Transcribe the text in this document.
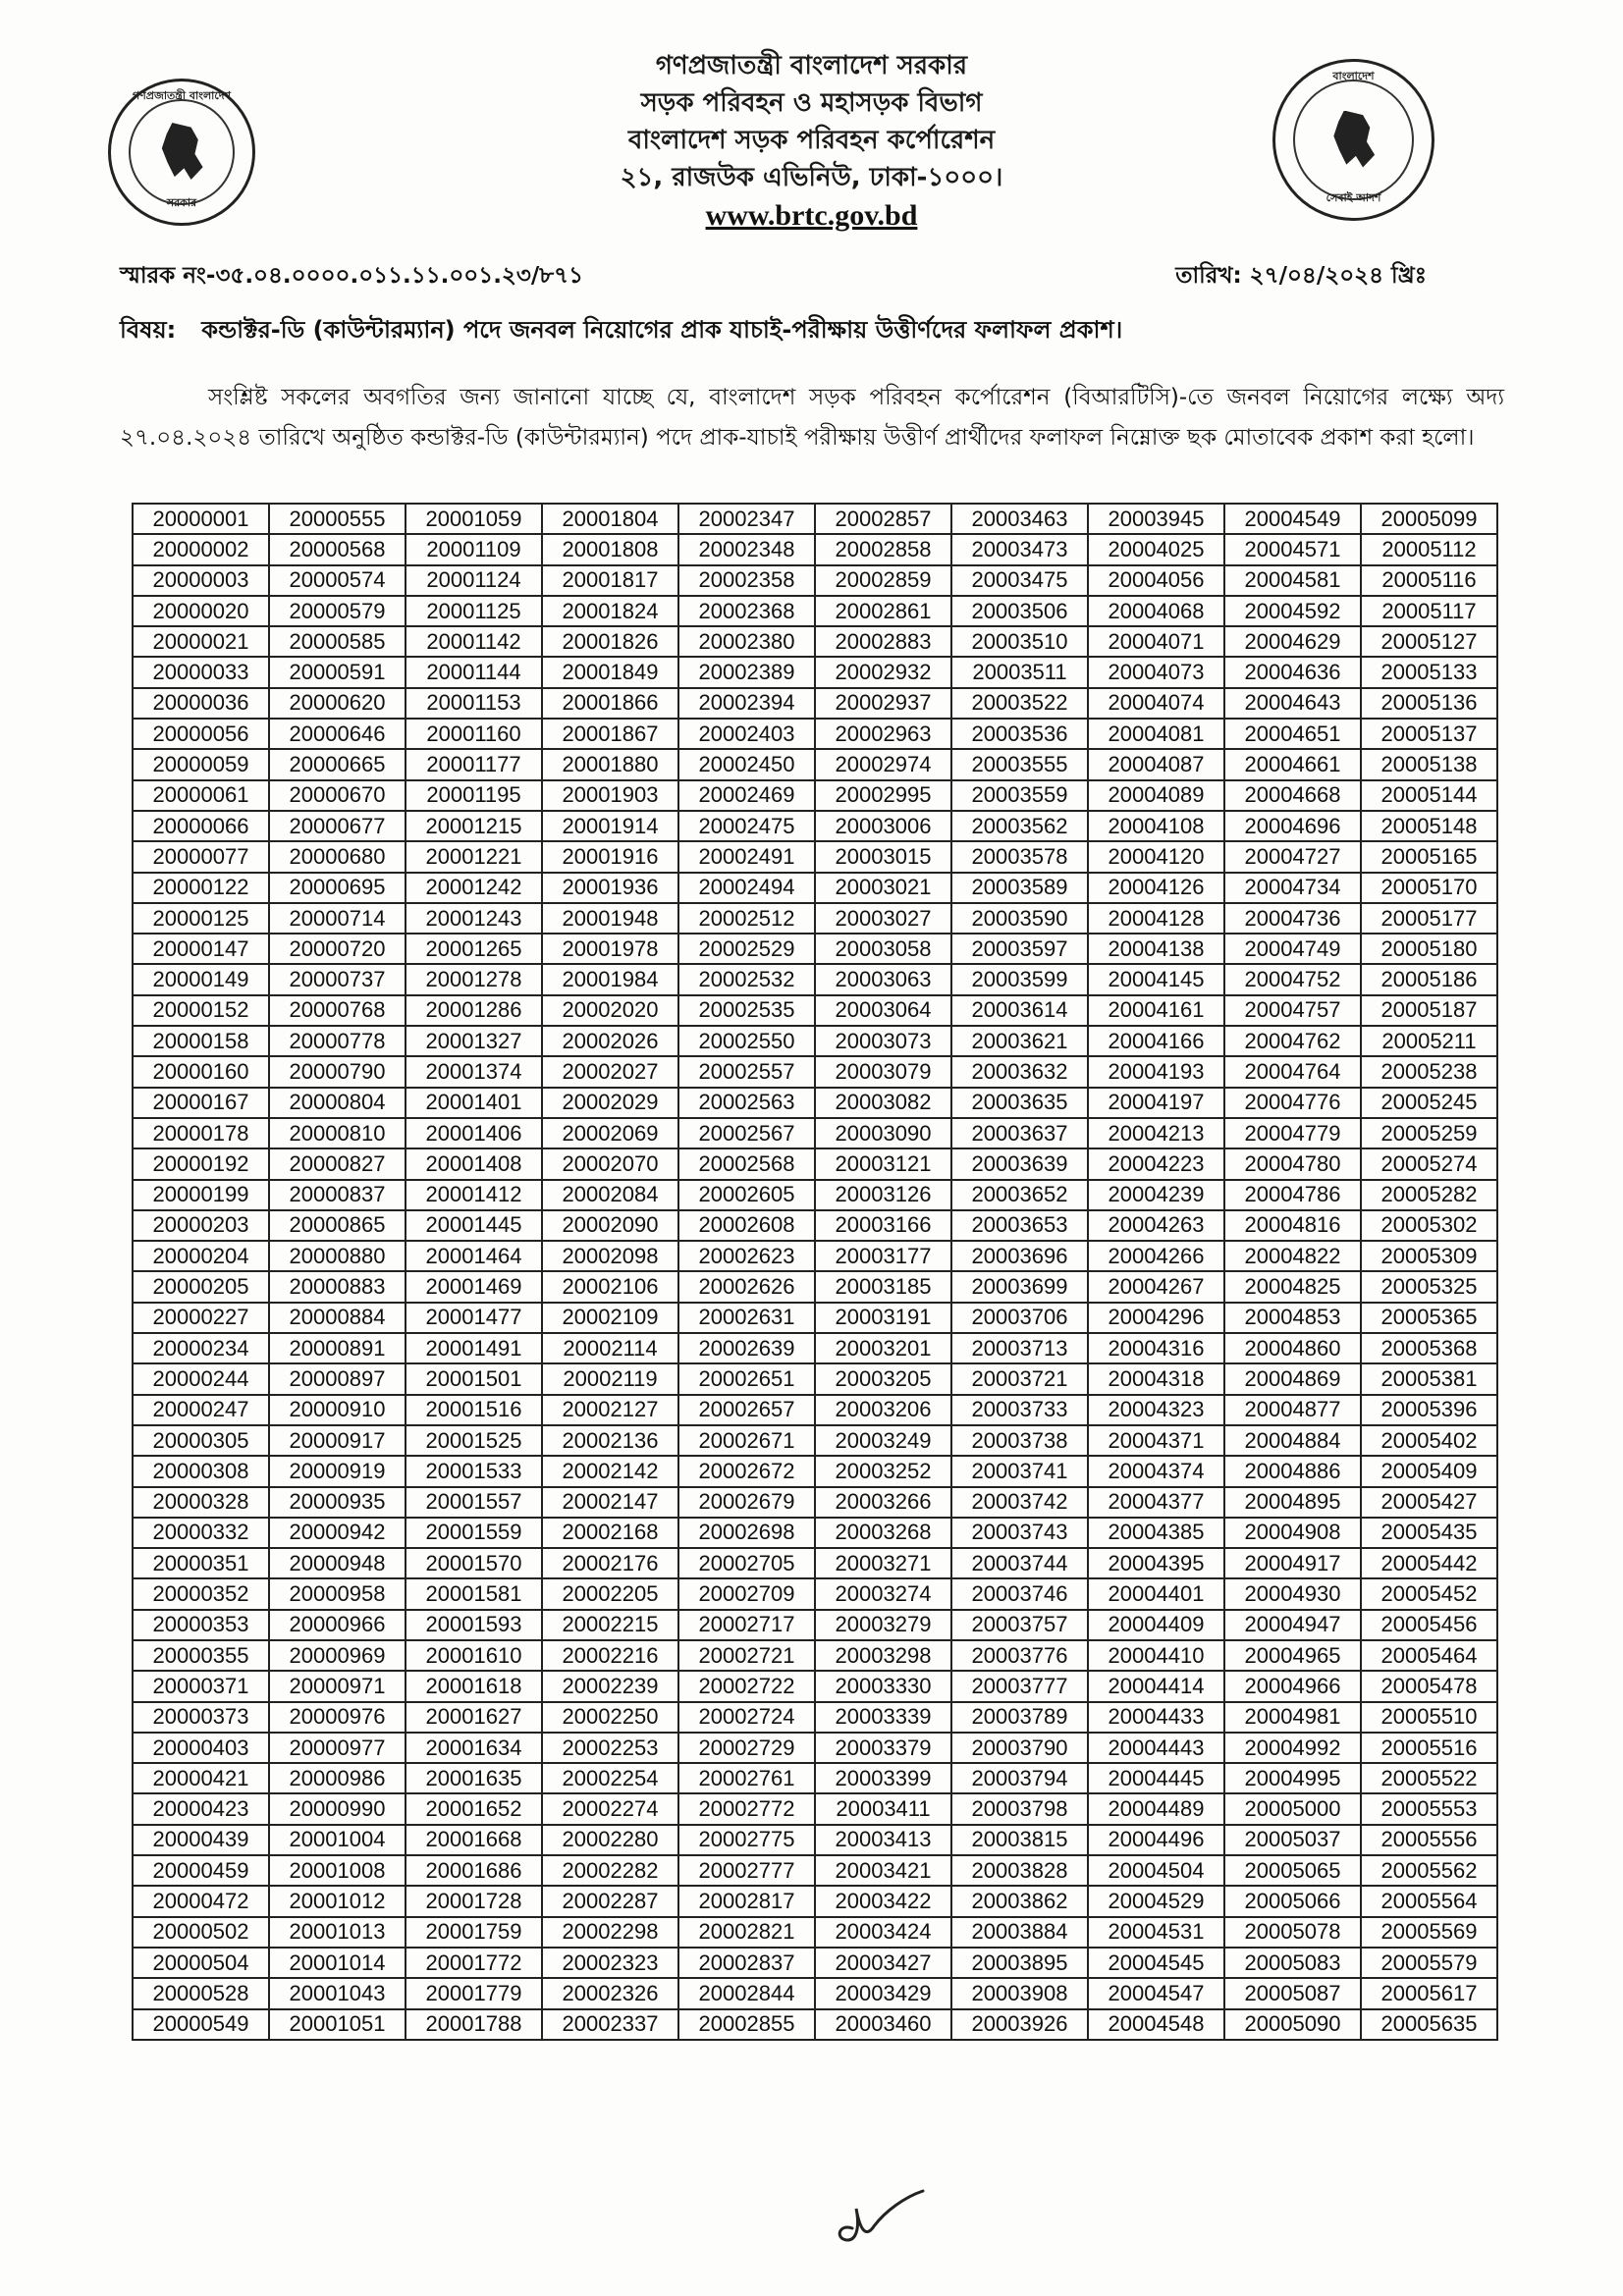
গণপ্রজাতন্ত্রী বাংলাদেশ
সরকার
বাংলাদেশ
সেবাই আদর্শ
গণপ্রজাতন্ত্রী বাংলাদেশ সরকার
সড়ক পরিবহন ও মহাসড়ক বিভাগ
বাংলাদেশ সড়ক পরিবহন কর্পোরেশন
২১, রাজউক এভিনিউ, ঢাকা-১০০০।
www.brtc.gov.bd
স্মারক নং-৩৫.০৪.০০০০.০১১.১১.০০১.২৩/৮৭১	তারিখ: ২৭/০৪/২০২৪ খ্রিঃ
বিষয়: কন্ডাক্টর-ডি (কাউন্টারম্যান) পদে জনবল নিয়োগের প্রাক যাচাই-পরীক্ষায় উত্তীর্ণদের ফলাফল প্রকাশ।
সংশ্লিষ্ট সকলের অবগতির জন্য জানানো যাচ্ছে যে, বাংলাদেশ সড়ক পরিবহন কর্পোরেশন (বিআরটিসি)-তে জনবল নিয়োগের লক্ষ্যে অদ্য ২৭.০৪.২০২৪ তারিখে অনুষ্ঠিত কন্ডাক্টর-ডি (কাউন্টারম্যান) পদে প্রাক-যাচাই পরীক্ষায় উত্তীর্ণ প্রার্থীদের ফলাফল নিম্নোক্ত ছক মোতাবেক প্রকাশ করা হলো।
20000001	20000555	20001059	20001804	20002347	20002857	20003463	20003945	20004549	20005099
20000002	20000568	20001109	20001808	20002348	20002858	20003473	20004025	20004571	20005112
20000003	20000574	20001124	20001817	20002358	20002859	20003475	20004056	20004581	20005116
20000020	20000579	20001125	20001824	20002368	20002861	20003506	20004068	20004592	20005117
20000021	20000585	20001142	20001826	20002380	20002883	20003510	20004071	20004629	20005127
20000033	20000591	20001144	20001849	20002389	20002932	20003511	20004073	20004636	20005133
20000036	20000620	20001153	20001866	20002394	20002937	20003522	20004074	20004643	20005136
20000056	20000646	20001160	20001867	20002403	20002963	20003536	20004081	20004651	20005137
20000059	20000665	20001177	20001880	20002450	20002974	20003555	20004087	20004661	20005138
20000061	20000670	20001195	20001903	20002469	20002995	20003559	20004089	20004668	20005144
20000066	20000677	20001215	20001914	20002475	20003006	20003562	20004108	20004696	20005148
20000077	20000680	20001221	20001916	20002491	20003015	20003578	20004120	20004727	20005165
20000122	20000695	20001242	20001936	20002494	20003021	20003589	20004126	20004734	20005170
20000125	20000714	20001243	20001948	20002512	20003027	20003590	20004128	20004736	20005177
20000147	20000720	20001265	20001978	20002529	20003058	20003597	20004138	20004749	20005180
20000149	20000737	20001278	20001984	20002532	20003063	20003599	20004145	20004752	20005186
20000152	20000768	20001286	20002020	20002535	20003064	20003614	20004161	20004757	20005187
20000158	20000778	20001327	20002026	20002550	20003073	20003621	20004166	20004762	20005211
20000160	20000790	20001374	20002027	20002557	20003079	20003632	20004193	20004764	20005238
20000167	20000804	20001401	20002029	20002563	20003082	20003635	20004197	20004776	20005245
20000178	20000810	20001406	20002069	20002567	20003090	20003637	20004213	20004779	20005259
20000192	20000827	20001408	20002070	20002568	20003121	20003639	20004223	20004780	20005274
20000199	20000837	20001412	20002084	20002605	20003126	20003652	20004239	20004786	20005282
20000203	20000865	20001445	20002090	20002608	20003166	20003653	20004263	20004816	20005302
20000204	20000880	20001464	20002098	20002623	20003177	20003696	20004266	20004822	20005309
20000205	20000883	20001469	20002106	20002626	20003185	20003699	20004267	20004825	20005325
20000227	20000884	20001477	20002109	20002631	20003191	20003706	20004296	20004853	20005365
20000234	20000891	20001491	20002114	20002639	20003201	20003713	20004316	20004860	20005368
20000244	20000897	20001501	20002119	20002651	20003205	20003721	20004318	20004869	20005381
20000247	20000910	20001516	20002127	20002657	20003206	20003733	20004323	20004877	20005396
20000305	20000917	20001525	20002136	20002671	20003249	20003738	20004371	20004884	20005402
20000308	20000919	20001533	20002142	20002672	20003252	20003741	20004374	20004886	20005409
20000328	20000935	20001557	20002147	20002679	20003266	20003742	20004377	20004895	20005427
20000332	20000942	20001559	20002168	20002698	20003268	20003743	20004385	20004908	20005435
20000351	20000948	20001570	20002176	20002705	20003271	20003744	20004395	20004917	20005442
20000352	20000958	20001581	20002205	20002709	20003274	20003746	20004401	20004930	20005452
20000353	20000966	20001593	20002215	20002717	20003279	20003757	20004409	20004947	20005456
20000355	20000969	20001610	20002216	20002721	20003298	20003776	20004410	20004965	20005464
20000371	20000971	20001618	20002239	20002722	20003330	20003777	20004414	20004966	20005478
20000373	20000976	20001627	20002250	20002724	20003339	20003789	20004433	20004981	20005510
20000403	20000977	20001634	20002253	20002729	20003379	20003790	20004443	20004992	20005516
20000421	20000986	20001635	20002254	20002761	20003399	20003794	20004445	20004995	20005522
20000423	20000990	20001652	20002274	20002772	20003411	20003798	20004489	20005000	20005553
20000439	20001004	20001668	20002280	20002775	20003413	20003815	20004496	20005037	20005556
20000459	20001008	20001686	20002282	20002777	20003421	20003828	20004504	20005065	20005562
20000472	20001012	20001728	20002287	20002817	20003422	20003862	20004529	20005066	20005564
20000502	20001013	20001759	20002298	20002821	20003424	20003884	20004531	20005078	20005569
20000504	20001014	20001772	20002323	20002837	20003427	20003895	20004545	20005083	20005579
20000528	20001043	20001779	20002326	20002844	20003429	20003908	20004547	20005087	20005617
20000549	20001051	20001788	20002337	20002855	20003460	20003926	20004548	20005090	20005635
